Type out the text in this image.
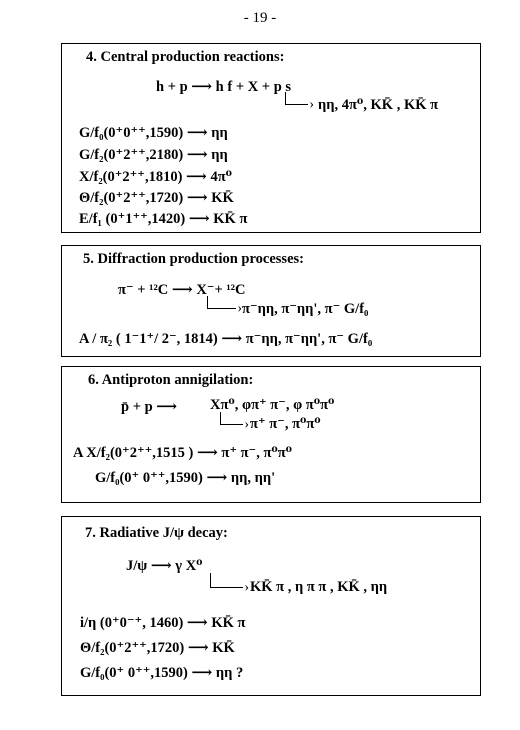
- 19 -
4. Central production reactions:
h + p ⟶ h f + X + p s
›
ηη, 4π⁰, KK̄ , KK̄ π
G/f₀(0⁺0⁺⁺,1590) ⟶ ηη
G/f₂(0⁺2⁺⁺,2180) ⟶ ηη
X/f₂(0⁺2⁺⁺,1810) ⟶ 4π⁰
Θ/f₂(0⁺2⁺⁺,1720) ⟶ KK̄
E/f₁ (0⁺1⁺⁺,1420) ⟶ KK̄ π
5. Diffraction production processes:
π⁻ + ¹²C ⟶ X⁻+ ¹²C
›
π⁻ηη, π⁻ηη', π⁻ G/f₀
A / π₂ ( 1⁻1⁺/ 2⁻, 1814) ⟶ π⁻ηη, π⁻ηη', π⁻ G/f₀
6. Antiproton annigilation:
p̄ + p ⟶ Xπ⁰, φπ⁺ π⁻, φ π⁰π⁰
›
π⁺ π⁻, π⁰π⁰
A X/f₂(0⁺2⁺⁺,1515 ) ⟶ π⁺ π⁻, π⁰π⁰
G/f₀(0⁺ 0⁺⁺,1590) ⟶ ηη, ηη'
7. Radiative J/ψ decay:
J/ψ ⟶ γ X⁰
›
KK̄ π , η π π , KK̄ , ηη
i/η (0⁺0⁻⁺, 1460) ⟶ KK̄ π
Θ/f₂(0⁺2⁺⁺,1720) ⟶ KK̄
G/f₀(0⁺ 0⁺⁺,1590) ⟶ ηη ?
